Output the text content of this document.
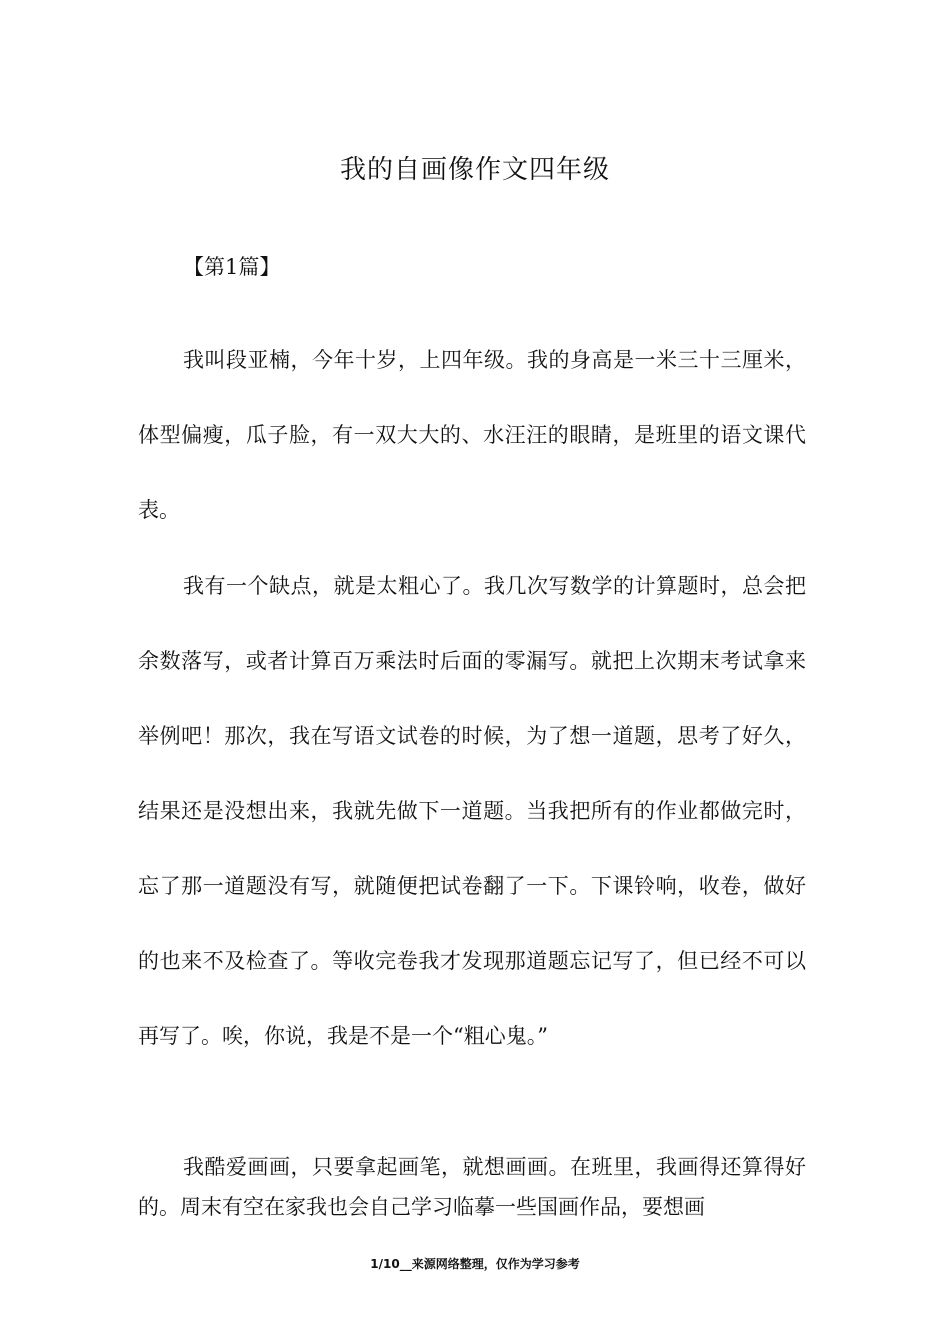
我的自画像作文四年级
【第1篇】

我叫段亚楠，今年十岁，上四年级。我的身高是一米三十三厘米，体型偏瘦，瓜子脸，有一双大大的、水汪汪的眼睛，是班里的语文课代表。

我有一个缺点，就是太粗心了。我几次写数学的计算题时，总会把余数落写，或者计算百万乘法时后面的零漏写。就把上次期末考试拿来举例吧！那次，我在写语文试卷的时候，为了想一道题，思考了好久，结果还是没想出来，我就先做下一道题。当我把所有的作业都做完时，忘了那一道题没有写，就随便把试卷翻了一下。下课铃响，收卷，做好的也来不及检查了。等收完卷我才发现那道题忘记写了，但已经不可以再写了。唉，你说，我是不是一个“粗心鬼。”

我酷爱画画，只要拿起画笔，就想画画。在班里，我画得还算得好的。周末有空在家我也会自己学习临摹一些国画作品，要想画

1/10__来源网络整理，仅作为学习参考
